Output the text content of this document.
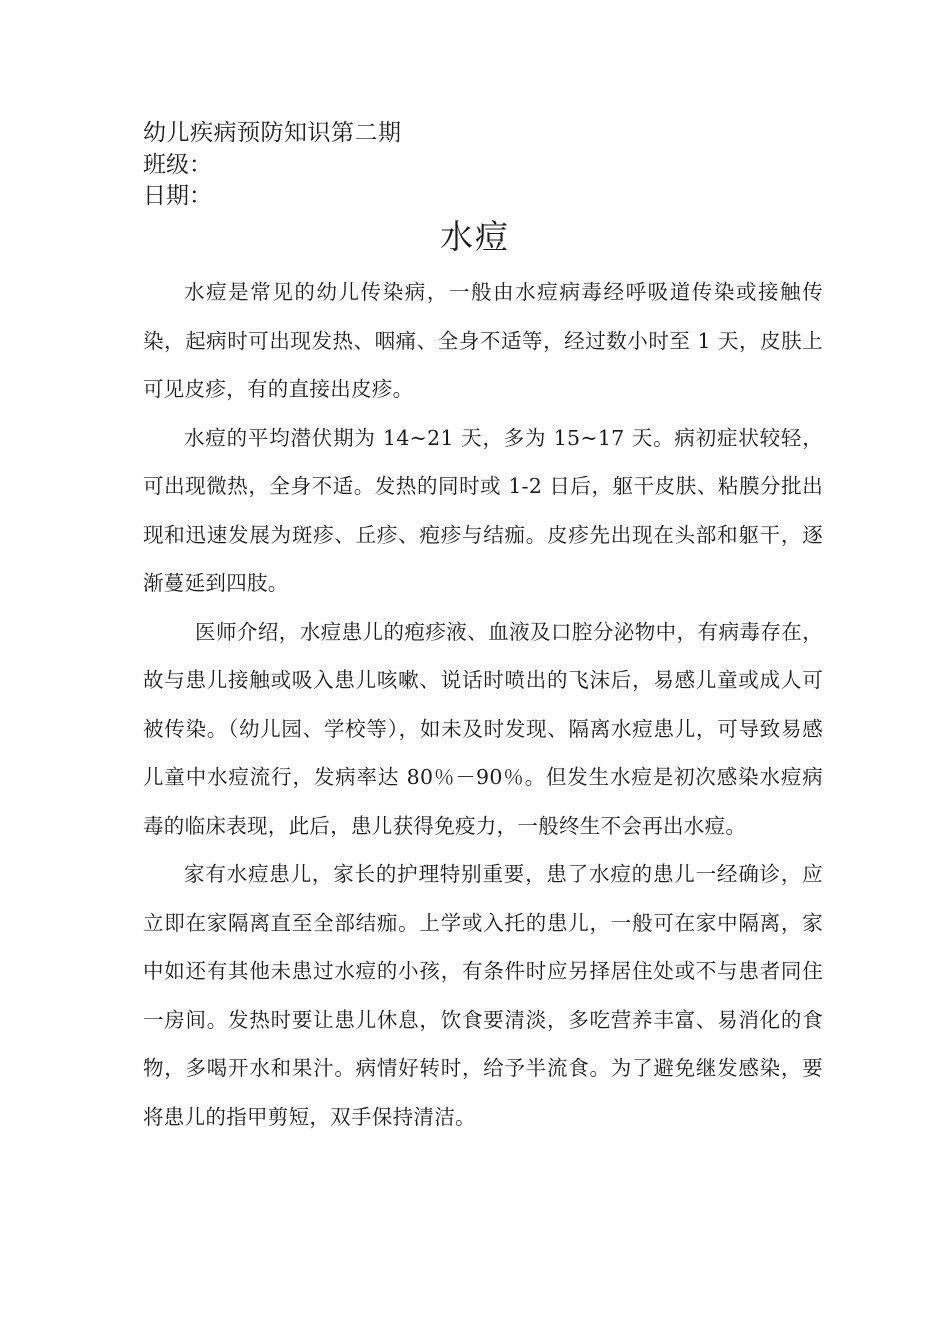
幼儿疾病预防知识第二期
班级：
日期：
水痘

水痘是常见的幼儿传染病，一般由水痘病毒经呼吸道传染或接触传染，起病时可出现发热、咽痛、全身不适等，经过数小时至 1 天，皮肤上可见皮疹，有的直接出皮疹。

水痘的平均潜伏期为 14~21 天，多为 15~17 天。病初症状较轻，可出现微热，全身不适。发热的同时或 1-2 日后，躯干皮肤、粘膜分批出现和迅速发展为斑疹、丘疹、疱疹与结痂。皮疹先出现在头部和躯干，逐渐蔓延到四肢。

医师介绍，水痘患儿的疱疹液、血液及口腔分泌物中，有病毒存在，故与患儿接触或吸入患儿咳嗽、说话时喷出的飞沫后，易感儿童或成人可被传染。（幼儿园、学校等），如未及时发现、隔离水痘患儿，可导致易感儿童中水痘流行，发病率达 80％－90％。但发生水痘是初次感染水痘病毒的临床表现，此后，患儿获得免疫力，一般终生不会再出水痘。

家有水痘患儿，家长的护理特别重要，患了水痘的患儿一经确诊，应立即在家隔离直至全部结痂。上学或入托的患儿，一般可在家中隔离，家中如还有其他未患过水痘的小孩，有条件时应另择居住处或不与患者同住一房间。发热时要让患儿休息，饮食要清淡，多吃营养丰富、易消化的食物，多喝开水和果汁。病情好转时，给予半流食。为了避免继发感染，要将患儿的指甲剪短，双手保持清洁。
